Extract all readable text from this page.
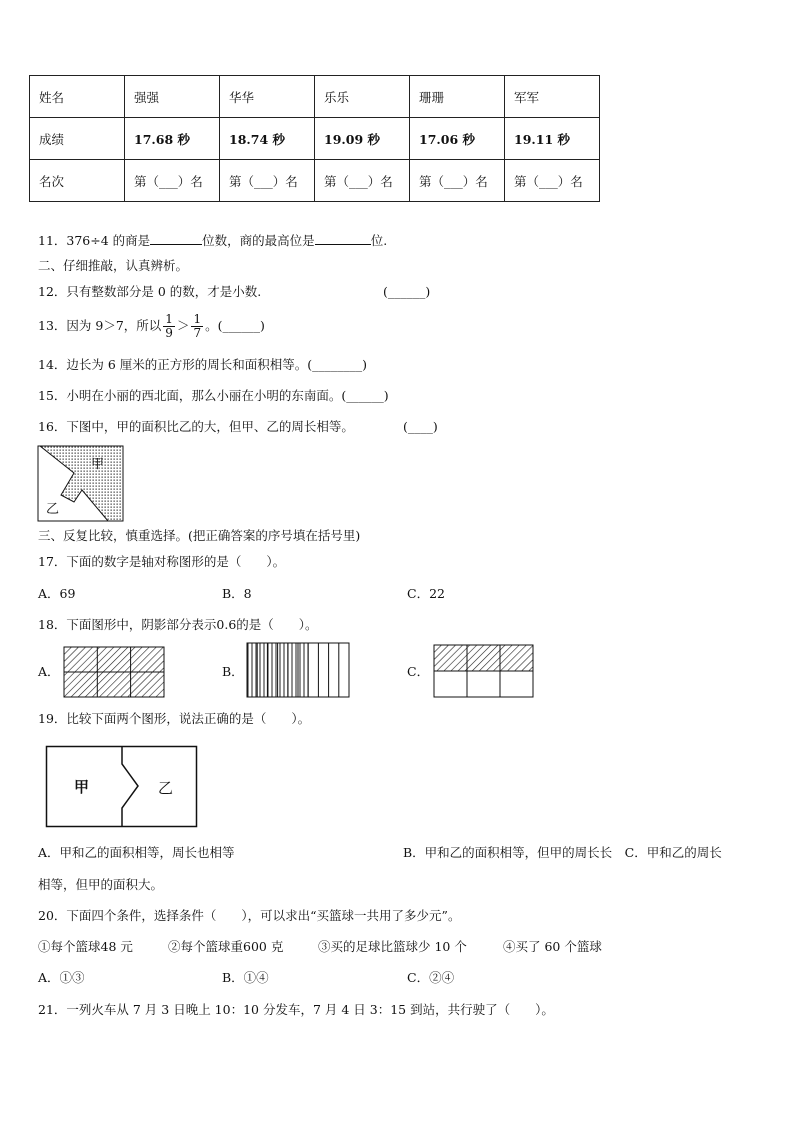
姓名	强强	华华	乐乐	珊珊	军军
成绩	17.68 秒	18.74 秒	19.09 秒	17.06 秒	19.11 秒
名次	第（___）名	第（___）名	第（___）名	第（___）名	第（___）名
11．376÷4 的商是	位数，商的最高位是	位.
二、仔细推敲，认真辨析。
12．只有整数部分是 0 的数，才是小数.	(______)
13．因为 9＞7，所以 $\frac{1}{9} > \frac{1}{7}$ 。(______)
14．边长为 6 厘米的正方形的周长和面积相等。(________)
15．小明在小丽的西北面，那么小丽在小明的东南面。(______)
16．下图中，甲的面积比乙的大，但甲、乙的周长相等。	(____)
甲
乙
三、反复比较，慎重选择。(把正确答案的序号填在括号里)
17．下面的数字是轴对称图形的是（　　）。
A．69	B．8	C．22
18．下面图形中，阴影部分表示0.6的是（　　）。
A．	B．	C．
19．比较下面两个图形，说法正确的是（　　）。
甲	乙
A．甲和乙的面积相等，周长也相等	B．甲和乙的面积相等，但甲的周长长　C．甲和乙的周长
相等，但甲的面积大。
20．下面四个条件，选择条件（　　），可以求出“买篮球一共用了多少元”。
①每个篮球48 元	②每个篮球重600 克	③买的足球比篮球少 10 个	④买了 60 个篮球
A．①③	B．①④	C．②④
21．一列火车从 7 月 3 日晚上 10：10 分发车，7 月 4 日 3：15 到站，共行驶了（　　）。
